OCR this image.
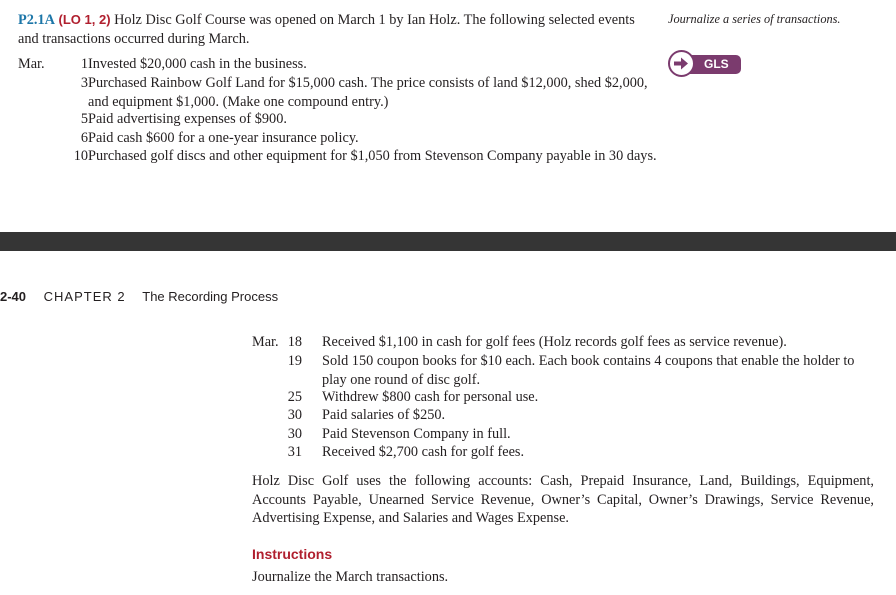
P2.1A (LO 1, 2) Holz Disc Golf Course was opened on March 1 by Ian Holz. The following selected events and transactions occurred during March.
Journalize a series of transactions.
GLS
Mar.	1 Invested $20,000 cash in the business.
3 Purchased Rainbow Golf Land for $15,000 cash. The price consists of land $12,000, shed $2,000, and equipment $1,000. (Make one compound entry.)
5 Paid advertising expenses of $900.
6 Paid cash $600 for a one-year insurance policy.
10 Purchased golf discs and other equipment for $1,050 from Stevenson Company payable in 30 days.
2-40 CHAPTER 2 The Recording Process
Mar. 18 Received $1,100 in cash for golf fees (Holz records golf fees as service revenue).
19 Sold 150 coupon books for $10 each. Each book contains 4 coupons that enable the holder to play one round of disc golf.
25 Withdrew $800 cash for personal use.
30 Paid salaries of $250.
30 Paid Stevenson Company in full.
31 Received $2,700 cash for golf fees.
Holz Disc Golf uses the following accounts: Cash, Prepaid Insurance, Land, Buildings, Equipment, Accounts Payable, Unearned Service Revenue, Owner’s Capital, Owner’s Drawings, Service Revenue, Advertising Expense, and Salaries and Wages Expense.
Instructions
Journalize the March transactions.
